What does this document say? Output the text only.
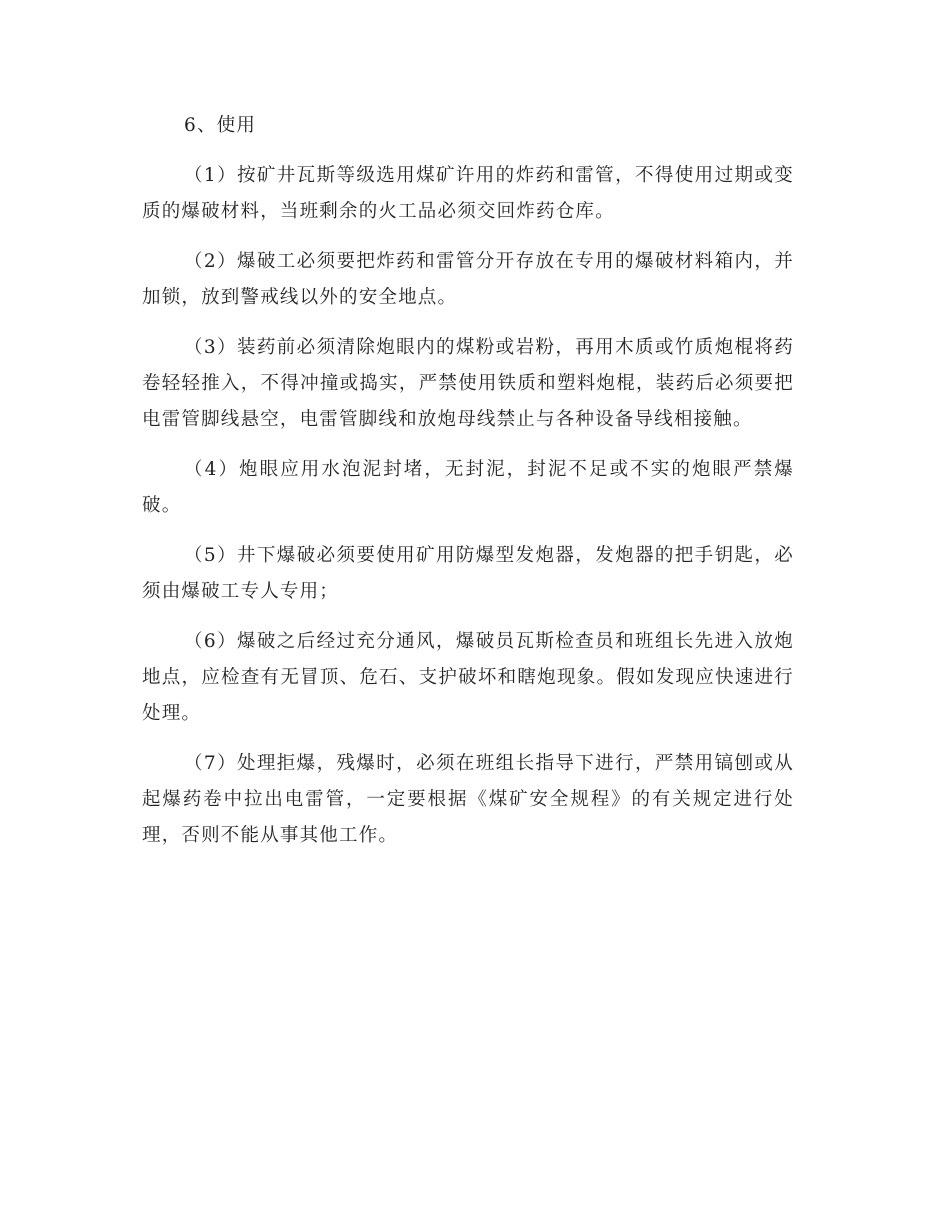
6、使用

（1）按矿井瓦斯等级选用煤矿许用的炸药和雷管，不得使用过期或变质的爆破材料，当班剩余的火工品必须交回炸药仓库。

（2）爆破工必须要把炸药和雷管分开存放在专用的爆破材料箱内，并加锁，放到警戒线以外的安全地点。

（3）装药前必须清除炮眼内的煤粉或岩粉，再用木质或竹质炮棍将药卷轻轻推入，不得冲撞或捣实，严禁使用铁质和塑料炮棍，装药后必须要把电雷管脚线悬空，电雷管脚线和放炮母线禁止与各种设备导线相接触。

（4）炮眼应用水泡泥封堵，无封泥，封泥不足或不实的炮眼严禁爆破。

（5）井下爆破必须要使用矿用防爆型发炮器，发炮器的把手钥匙，必须由爆破工专人专用；

（6）爆破之后经过充分通风，爆破员瓦斯检查员和班组长先进入放炮地点，应检查有无冒顶、危石、支护破坏和瞎炮现象。假如发现应快速进行处理。

（7）处理拒爆，残爆时，必须在班组长指导下进行，严禁用镐刨或从起爆药卷中拉出电雷管，一定要根据《煤矿安全规程》的有关规定进行处理，否则不能从事其他工作。
